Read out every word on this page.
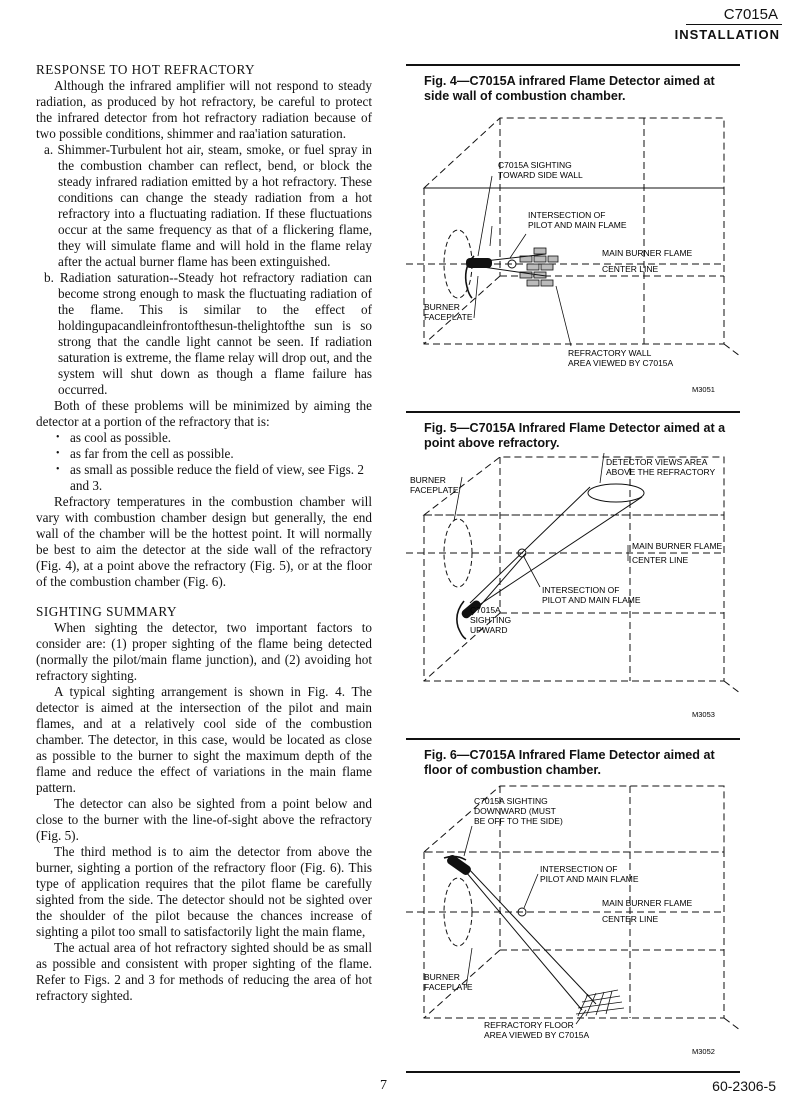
C7015A
INSTALLATION

RESPONSE TO HOT REFRACTORY

Although the infrared amplifier will not respond to steady radiation, as produced by hot refractory, be careful to protect the infrared detector from hot refractory radiation because of two possible conditions, shimmer and raa'iation saturation.

a. Shimmer-Turbulent hot air, steam, smoke, or fuel spray in the combustion chamber can reflect, bend, or block the steady infrared radiation emitted by a hot refractory. These conditions can change the steady radiation from a hot refractory into a fluctuating radiation. If these fluctuations occur at the same frequency as that of a flickering flame, they will simulate flame and will hold in the flame relay after the actual burner flame has been extinguished.

b. Radiation saturation--Steady hot refractory radiation can become strong enough to mask the fluctuating radiation of the flame. This is similar to the effect of holdingupacandleinfrontofthesun-thelightofthe sun is so strong that the candle light cannot be seen. If radiation saturation is extreme, the flame relay will drop out, and the system will shut down as though a flame failure has occurred.

Both of these problems will be minimized by aiming the detector at a portion of the refractory that is:

• as cool as possible.
• as far from the cell as possible.
• as small as possible reduce the field of view, see Figs. 2 and 3.

Refractory temperatures in the combustion chamber will vary with combustion chamber design but generally, the end wall of the chamber will be the hottest point. It will normally be best to aim the detector at the side wall of the refractory (Fig. 4), at a point above the refractory (Fig. 5), or at the floor of the combustion chamber (Fig. 6).

SIGHTING SUMMARY

When sighting the detector, two important factors to consider are: (1) proper sighting of the flame being detected (normally the pilot/main flame junction), and (2) avoiding hot refractory sighting.

A typical sighting arrangement is shown in Fig. 4. The detector is aimed at the intersection of the pilot and main flames, and at a relatively cool side of the combustion chamber. The detector, in this case, would be located as close as possible to the burner to sight the maximum depth of the flame and reduce the effect of variations in the main flame pattern.

The detector can also be sighted from a point below and close to the burner with the line-of-sight above the refractory (Fig. 5).

The third method is to aim the detector from above the burner, sighting a portion of the refractory floor (Fig. 6). This type of application requires that the pilot flame be carefully sighted from the side. The detector should not be sighted over the shoulder of the pilot because the chances increase of sighting a pilot too small to satisfactorily light the main flame,

The actual area of hot refractory sighted should be as small as possible and consistent with proper sighting of the flame. Refer to Figs. 2 and 3 for methods of reducing the area of hot refractory sighted.

Fig. 4—C7015A infrared Flame Detector aimed at side wall of combustion chamber.
C7015A SIGHTING
TOWARD SIDE WALL
INTERSECTION OF
PILOT AND MAIN FLAME
MAIN BURNER FLAME
CENTER LINE
BURNER
FACEPLATE
REFRACTORY WALL
AREA VIEWED BY C7015A
M3051
Fig. 5—C7015A Infrared Flame Detector aimed at a point above refractory.
DETECTOR VIEWS AREA
ABOVE THE REFRACTORY
BURNER
FACEPLATE
MAIN BURNER FLAME
CENTER LINE
INTERSECTION OF
PILOT AND MAIN FLAME
C7015A
SIGHTING
UPWARD
M3053
Fig. 6—C7015A Infrared Flame Detector aimed at floor of combustion chamber.
C7015A SIGHTING
DOWNWARD (MUST
BE OFF TO THE SIDE)
INTERSECTION OF
PILOT AND MAIN FLAME
MAIN BURNER FLAME
CENTER LINE
BURNER
FACEPLATE
REFRACTORY FLOOR
AREA VIEWED BY C7015A
M3052
7	60-2306-5
